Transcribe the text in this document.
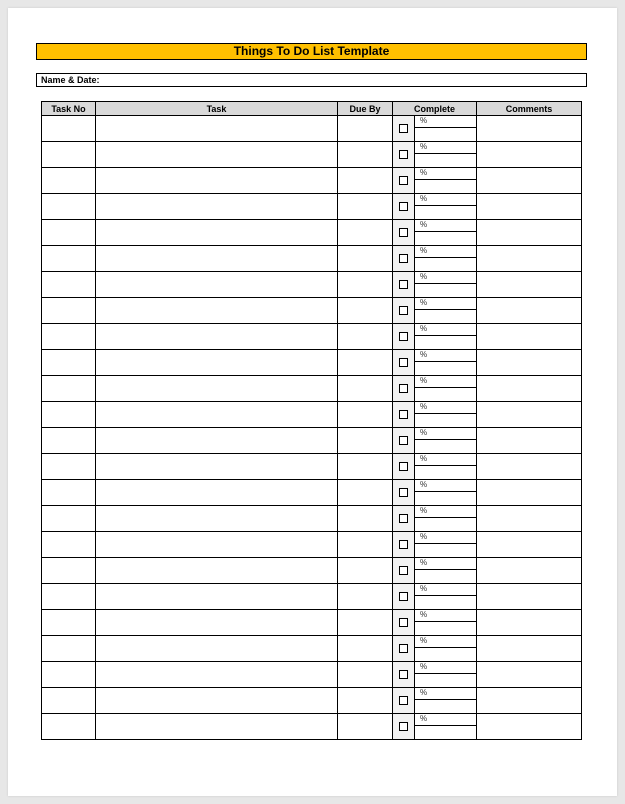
Things To Do List Template
Name & Date:
Task No	Task	Due By	Complete		Comments

				%	

				%	

				%	

				%	

				%	

				%	

				%	

				%	

				%	

				%	

				%	

				%	

				%	

				%	

				%	

				%	

				%	

				%	

				%	

				%	

				%	

				%	

				%	

				%	
